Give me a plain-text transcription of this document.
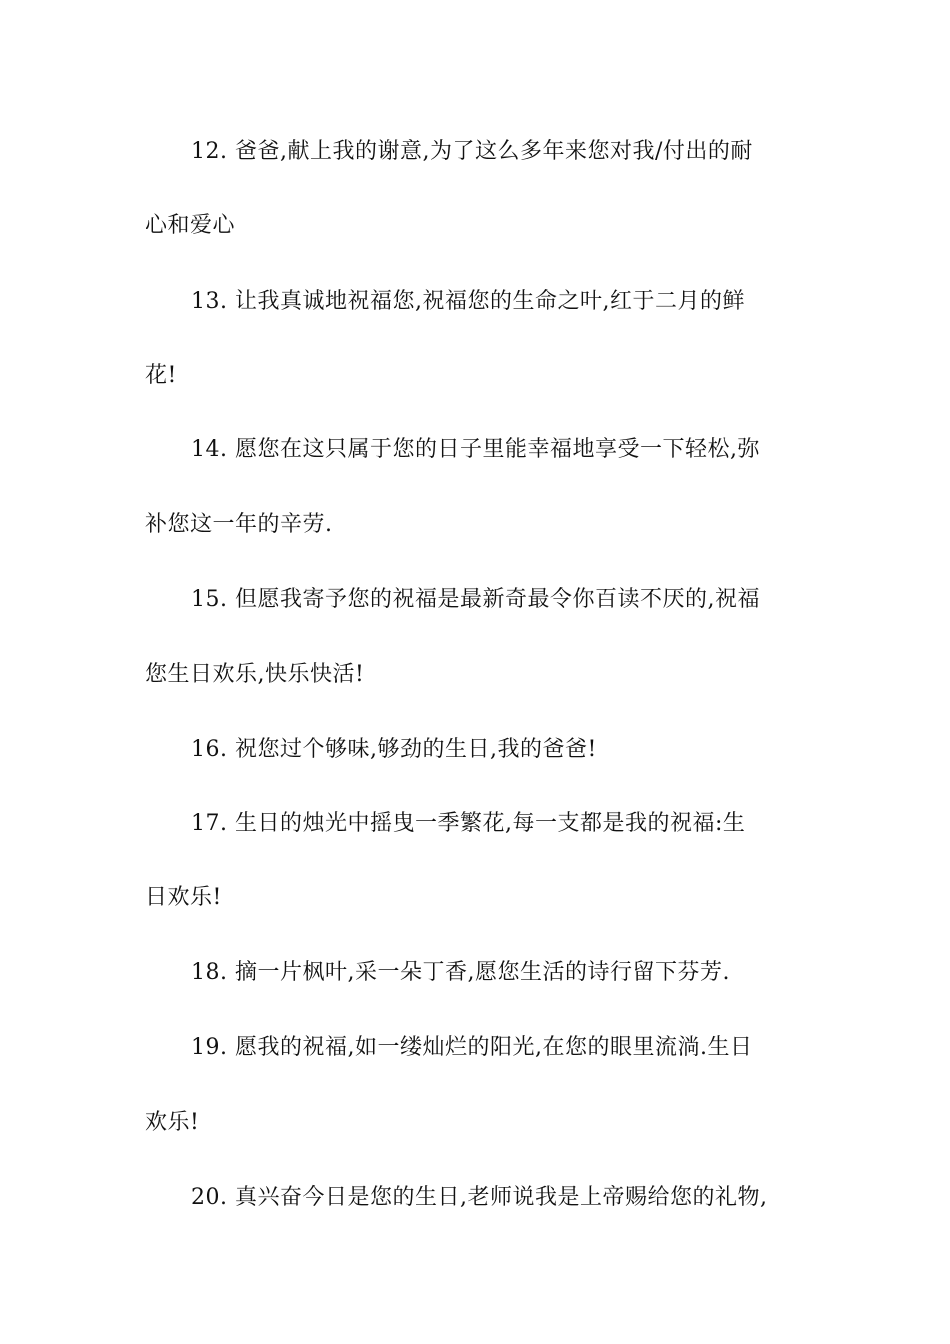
12. 爸爸,献上我的谢意,为了这么多年来您对我/付出的耐
心和爱心
13. 让我真诚地祝福您,祝福您的生命之叶,红于二月的鲜
花!
14. 愿您在这只属于您的日子里能幸福地享受一下轻松,弥
补您这一年的辛劳.
15. 但愿我寄予您的祝福是最新奇最令你百读不厌的,祝福
您生日欢乐,快乐快活!
16. 祝您过个够味,够劲的生日,我的爸爸!
17. 生日的烛光中摇曳一季繁花,每一支都是我的祝福:生
日欢乐!
18. 摘一片枫叶,采一朵丁香,愿您生活的诗行留下芬芳.
19. 愿我的祝福,如一缕灿烂的阳光,在您的眼里流淌.生日
欢乐!
20. 真兴奋今日是您的生日,老师说我是上帝赐给您的礼物,
